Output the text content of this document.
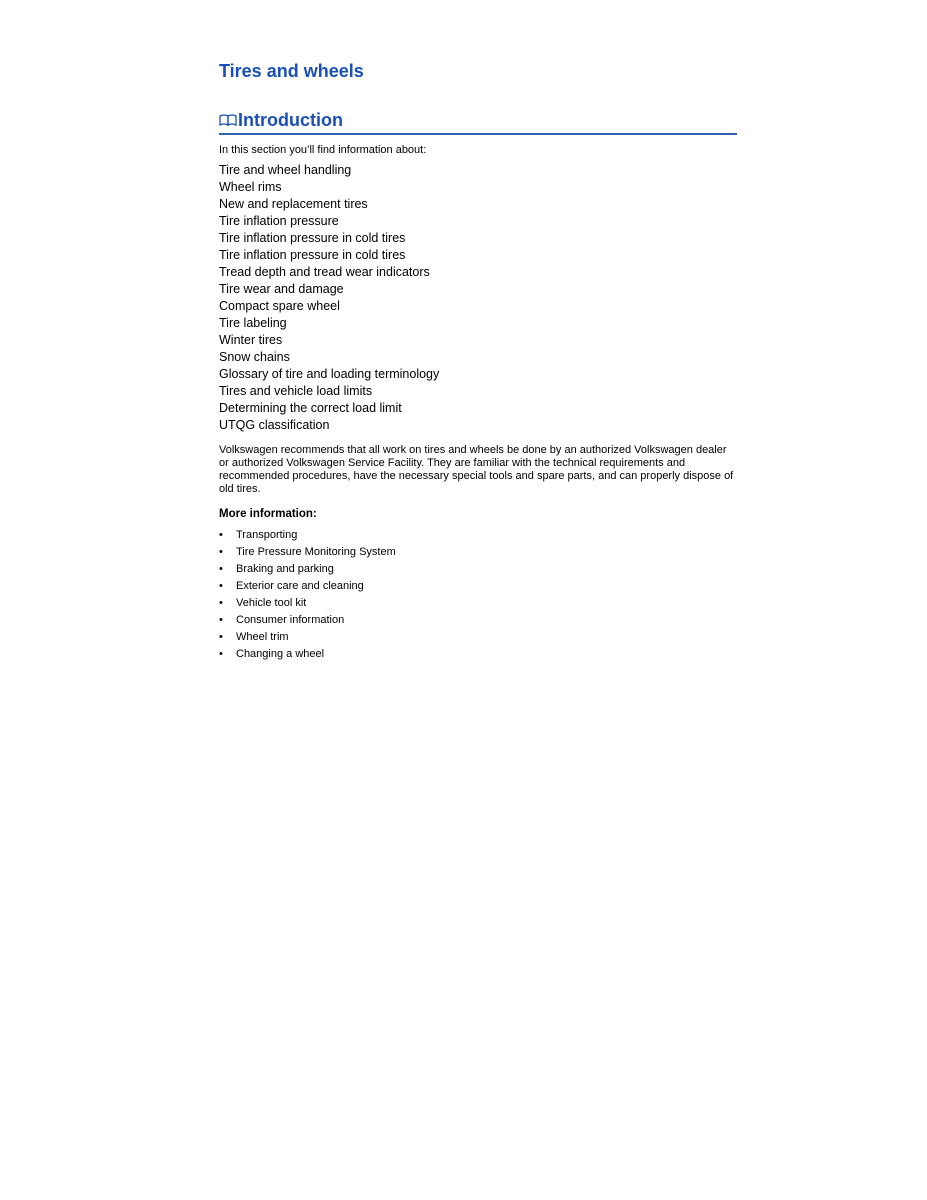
Tires and wheels
Introduction
In this section you’ll find information about:
Tire and wheel handling
Wheel rims
New and replacement tires
Tire inflation pressure
Tire inflation pressure in cold tires
Tire inflation pressure in cold tires
Tread depth and tread wear indicators
Tire wear and damage
Compact spare wheel
Tire labeling
Winter tires
Snow chains
Glossary of tire and loading terminology
Tires and vehicle load limits
Determining the correct load limit
UTQG classification

Volkswagen recommends that all work on tires and wheels be done by an authorized Volkswagen dealer or authorized Volkswagen Service Facility. They are familiar with the technical requirements and recommended procedures, have the necessary special tools and spare parts, and can properly dispose of old tires.

More information:
•	Transporting
•	Tire Pressure Monitoring System
•	Braking and parking
•	Exterior care and cleaning
•	Vehicle tool kit
•	Consumer information
•	Wheel trim
•	Changing a wheel
